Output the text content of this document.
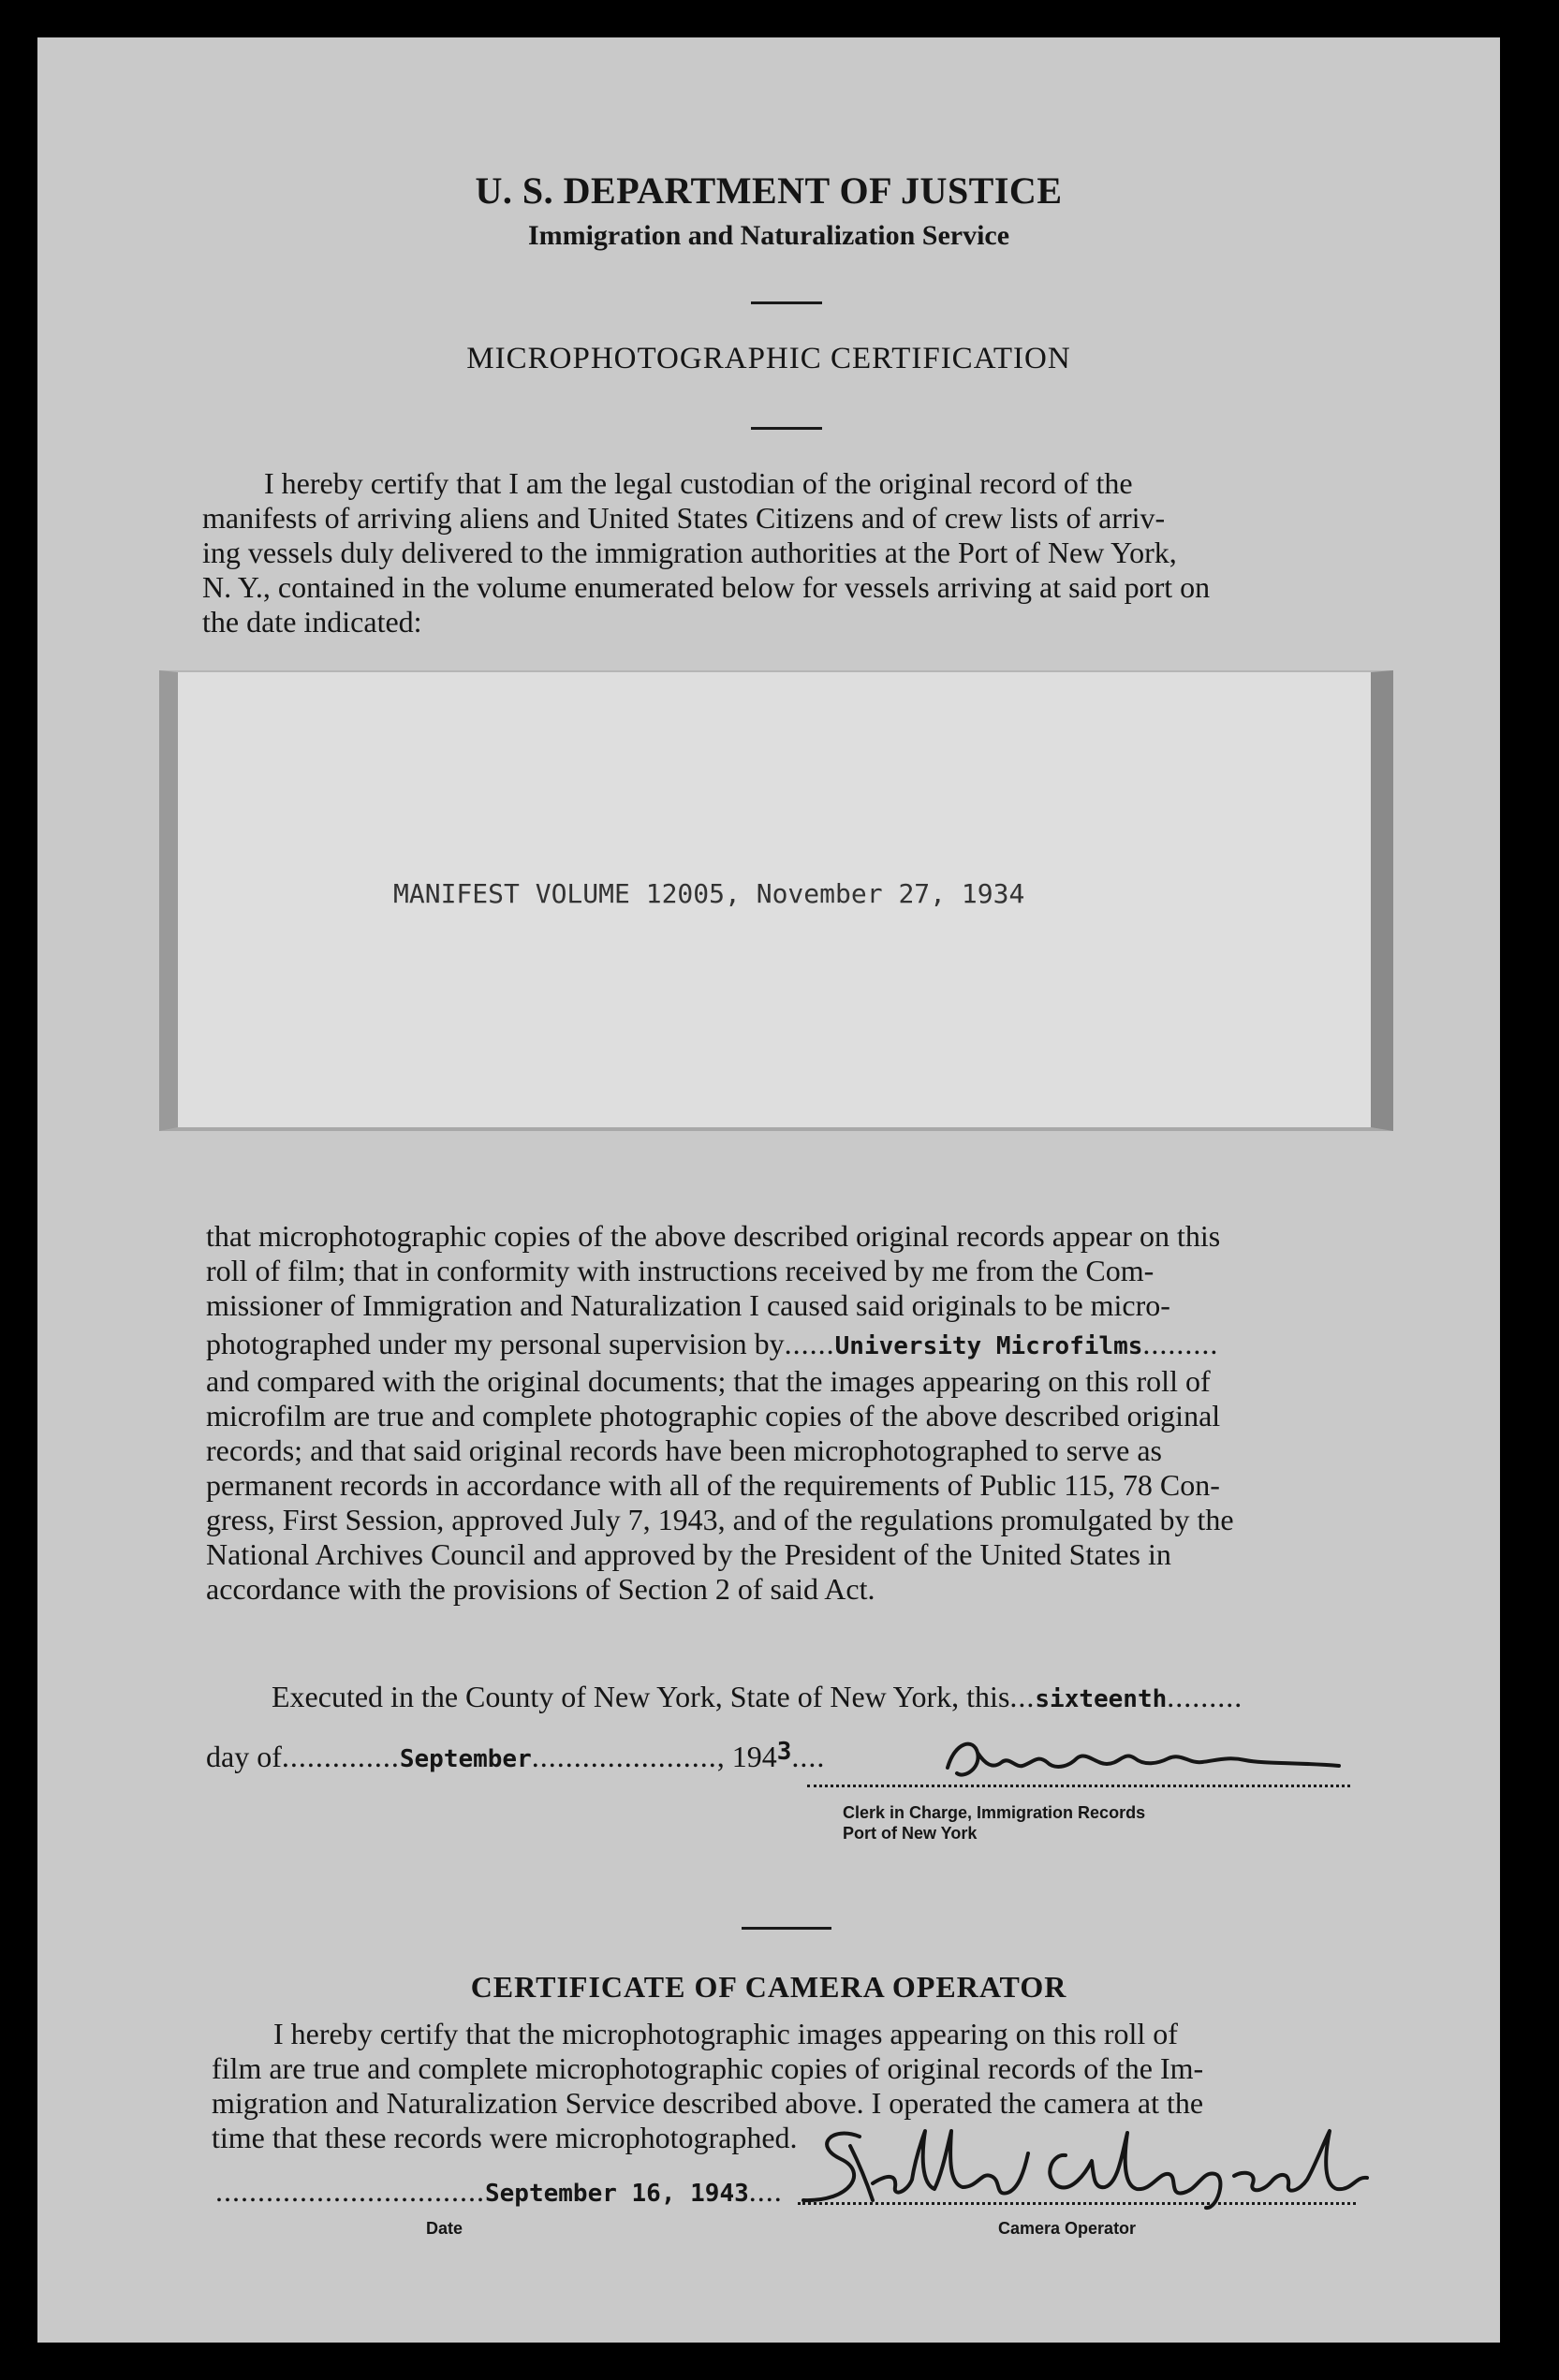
U. S. DEPARTMENT OF JUSTICE
Immigration and Naturalization Service
MICROPHOTOGRAPHIC CERTIFICATION

I hereby certify that I am the legal custodian of the original record of the

manifests of arriving aliens and United States Citizens and of crew lists of arriv-

ing vessels duly delivered to the immigration authorities at the Port of New York,

N. Y., contained in the volume enumerated below for vessels arriving at said port on

the date indicated:

MANIFEST VOLUME 12005, November 27, 1934

that microphotographic copies of the above described original records appear on this

roll of film; that in conformity with instructions received by me from the Com-

missioner of Immigration and Naturalization I caused said originals to be micro-

photographed under my personal supervision by......University Microfilms.........

and compared with the original documents; that the images appearing on this roll of

microfilm are true and complete photographic copies of the above described original

records; and that said original records have been microphotographed to serve as

permanent records in accordance with all of the requirements of Public 115, 78 Con-

gress, First Session, approved July 7, 1943, and of the regulations promulgated by the

National Archives Council and approved by the President of the United States in

accordance with the provisions of Section 2 of said Act.

Executed in the County of New York, State of New York, this...sixteenth.........
day of..............September......................, $194^3$....
Clerk in Charge, Immigration Records
Port of New York
CERTIFICATE OF CAMERA OPERATOR

I hereby certify that the microphotographic images appearing on this roll of

film are true and complete microphotographic copies of original records of the Im-

migration and Naturalization Service described above. I operated the camera at the

time that these records were microphotographed.

................................September 16, 1943....
Date	Camera Operator
